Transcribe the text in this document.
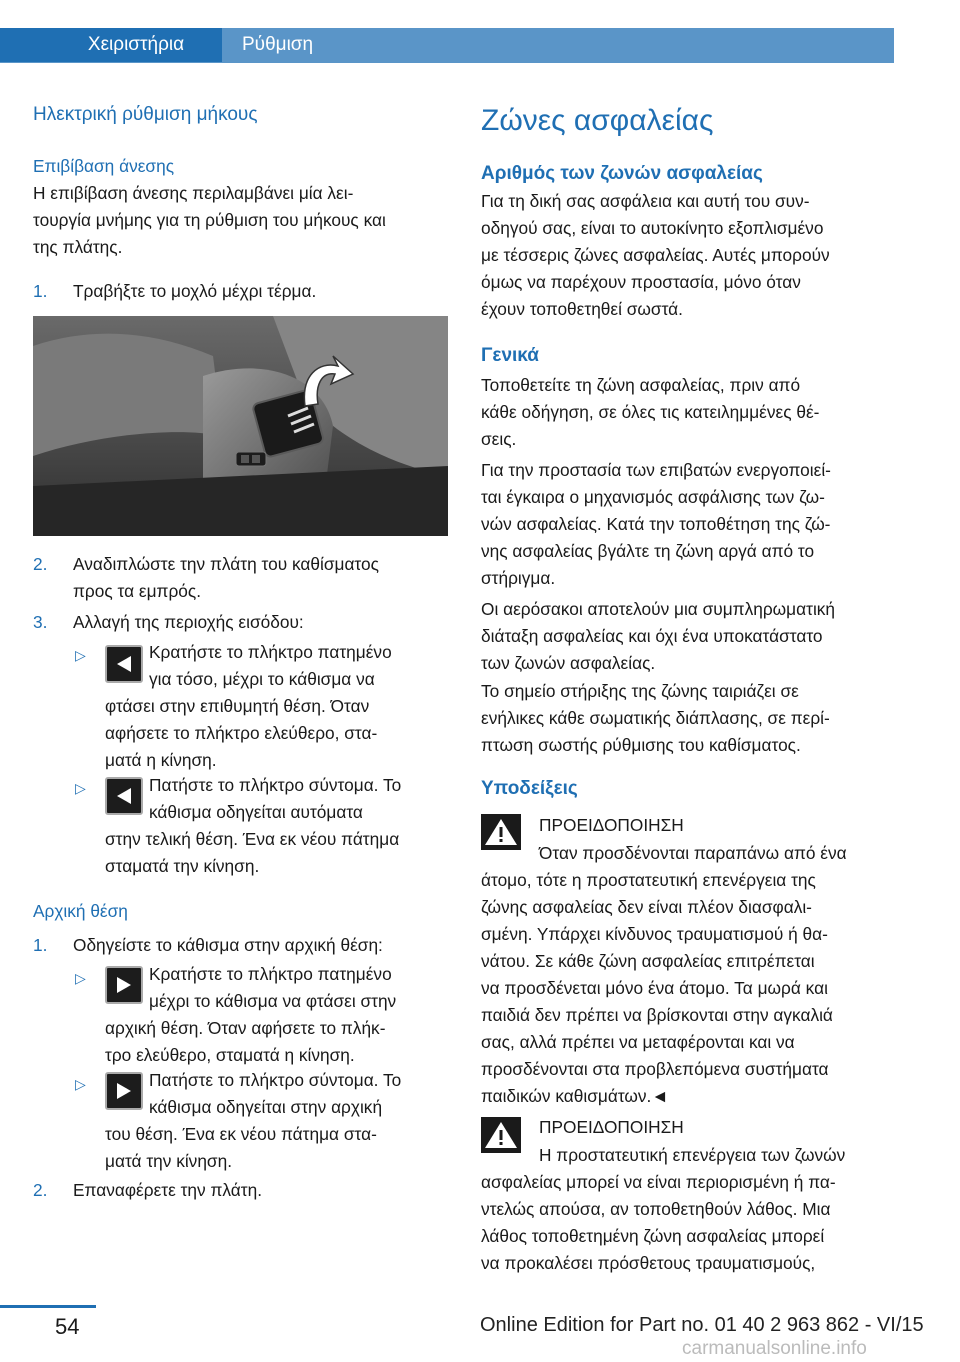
Χειριστήρια	Ρύθμιση
Ηλεκτρική ρύθμιση μήκους
Επιβίβαση άνεσης
Η επιβίβαση άνεσης περιλαμβάνει μία λει-
τουργία μνήμης για τη ρύθμιση του μήκους και
της πλάτης.
1. Τραβήξτε το μοχλό μέχρι τέρμα.
2. Αναδιπλώστε την πλάτη του καθίσματος
προς τα εμπρός.
3. Αλλαγή της περιοχής εισόδου:
▷	Κρατήστε το πλήκτρο πατημένο
για τόσο, μέχρι το κάθισμα να
φτάσει στην επιθυμητή θέση. Όταν
αφήσετε το πλήκτρο ελεύθερο, στα-
ματά η κίνηση.
▷	Πατήστε το πλήκτρο σύντομα. Το
κάθισμα οδηγείται αυτόματα
στην τελική θέση. Ένα εκ νέου πάτημα
σταματά την κίνηση.
Αρχική θέση
1. Οδηγείστε το κάθισμα στην αρχική θέση:
▷	Κρατήστε το πλήκτρο πατημένο
μέχρι το κάθισμα να φτάσει στην
αρχική θέση. Όταν αφήσετε το πλήκ-
τρο ελεύθερο, σταματά η κίνηση.
▷	Πατήστε το πλήκτρο σύντομα. Το
κάθισμα οδηγείται στην αρχική
του θέση. Ένα εκ νέου πάτημα στα-
ματά την κίνηση.
2. Επαναφέρετε την πλάτη.
Ζώνες ασφαλείας
Αριθμός των ζωνών ασφαλείας
Για τη δική σας ασφάλεια και αυτή του συν-
οδηγού σας, είναι το αυτοκίνητο εξοπλισμένο
με τέσσερις ζώνες ασφαλείας. Αυτές μπορούν
όμως να παρέχουν προστασία, μόνο όταν
έχουν τοποθετηθεί σωστά.
Γενικά
Τοποθετείτε τη ζώνη ασφαλείας, πριν από
κάθε οδήγηση, σε όλες τις κατειλημμένες θέ-
σεις.
Για την προστασία των επιβατών ενεργοποιεί-
ται έγκαιρα ο μηχανισμός ασφάλισης των ζω-
νών ασφαλείας. Κατά την τοποθέτηση της ζώ-
νης ασφαλείας βγάλτε τη ζώνη αργά από το
στήριγμα.
Οι αερόσακοι αποτελούν μια συμπληρωματική
διάταξη ασφαλείας και όχι ένα υποκατάστατο
των ζωνών ασφαλείας.
Το σημείο στήριξης της ζώνης ταιριάζει σε
ενήλικες κάθε σωματικής διάπλασης, σε περί-
πτωση σωστής ρύθμισης του καθίσματος.
Υποδείξεις
ΠΡΟΕΙΔΟΠΟΙΗΣΗ
Όταν προσδένονται παραπάνω από ένα
άτομο, τότε η προστατευτική επενέργεια της
ζώνης ασφαλείας δεν είναι πλέον διασφαλι-
σμένη. Υπάρχει κίνδυνος τραυματισμού ή θα-
νάτου. Σε κάθε ζώνη ασφαλείας επιτρέπεται
να προσδένεται μόνο ένα άτομο. Τα μωρά και
παιδιά δεν πρέπει να βρίσκονται στην αγκαλιά
σας, αλλά πρέπει να μεταφέρονται και να
προσδένονται στα προβλεπόμενα συστήματα
παιδικών καθισμάτων.◄
ΠΡΟΕΙΔΟΠΟΙΗΣΗ
Η προστατευτική επενέργεια των ζωνών
ασφαλείας μπορεί να είναι περιορισμένη ή πα-
ντελώς απούσα, αν τοποθετηθούν λάθος. Μια
λάθος τοποθετημένη ζώνη ασφαλείας μπορεί
να προκαλέσει πρόσθετους τραυματισμούς,
54	Online Edition for Part no. 01 40 2 963 862 - VI/15
carmanualsonline.info
